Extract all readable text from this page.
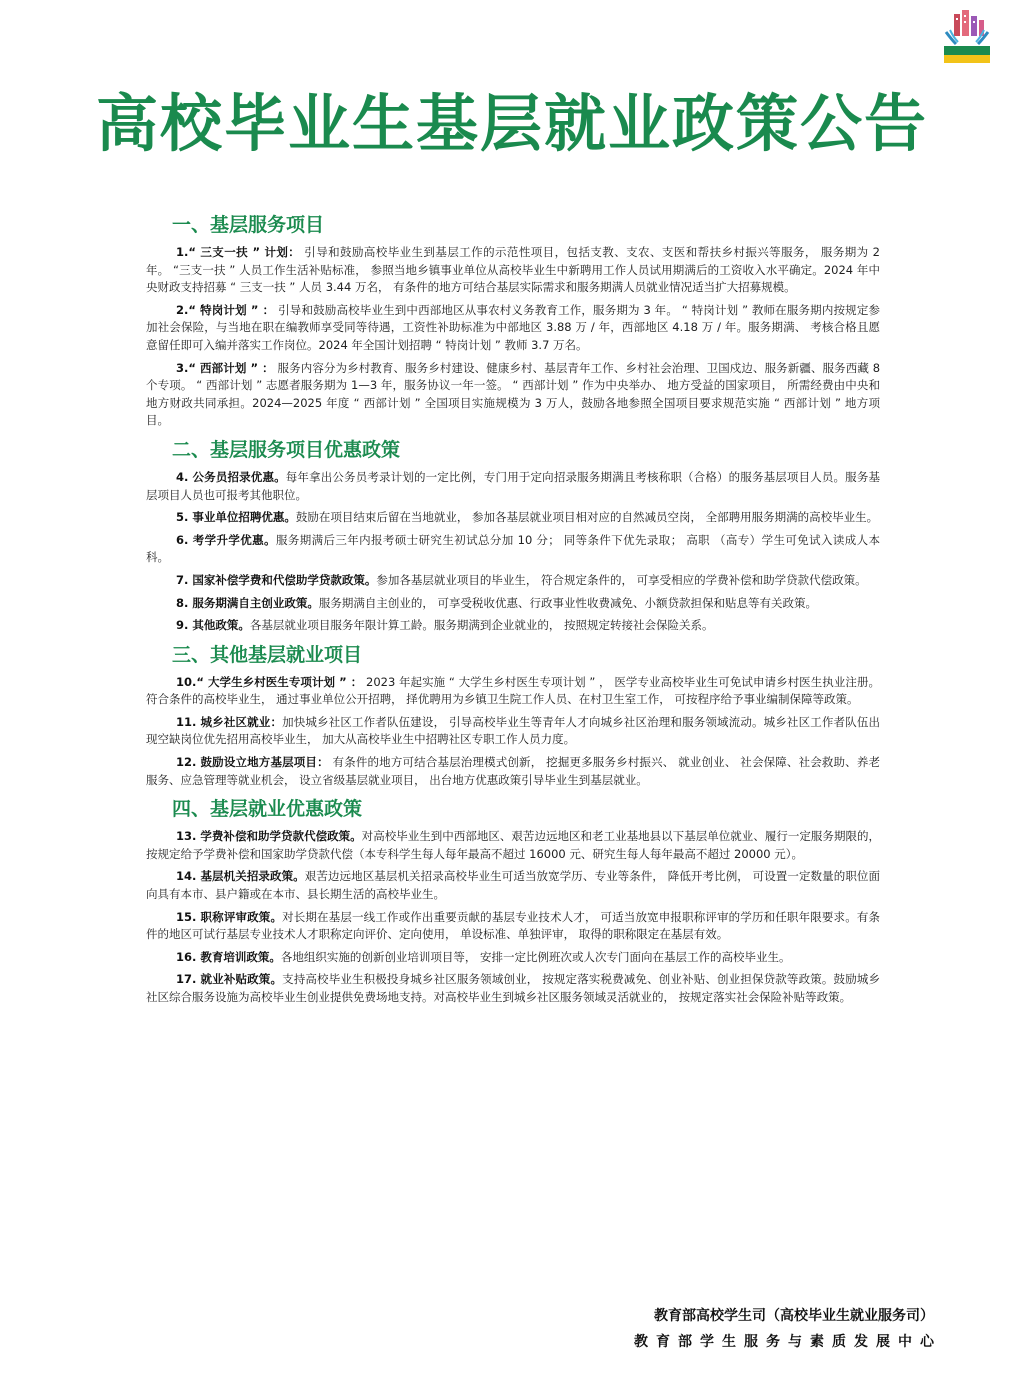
高校毕业生基层就业政策公告
一、基层服务项目

1.“ 三支一扶 ” 计划： 引导和鼓励高校毕业生到基层工作的示范性项目，包括支教、支农、支医和帮扶乡村振兴等服务， 服务期为 2 年。 “三支一扶 ” 人员工作生活补贴标准， 参照当地乡镇事业单位从高校毕业生中新聘用工作人员试用期满后的工资收入水平确定。2024 年中央财政支持招募 “ 三支一扶 ” 人员 3.44 万名， 有条件的地方可结合基层实际需求和服务期满人员就业情况适当扩大招募规模。

2.“ 特岗计划 ” ： 引导和鼓励高校毕业生到中西部地区从事农村义务教育工作，服务期为 3 年。 “ 特岗计划 ” 教师在服务期内按规定参加社会保险，与当地在职在编教师享受同等待遇，工资性补助标准为中部地区 3.88 万 / 年，西部地区 4.18 万 / 年。服务期满、 考核合格且愿意留任即可入编并落实工作岗位。2024 年全国计划招聘 “ 特岗计划 ” 教师 3.7 万名。

3.“ 西部计划 ” ： 服务内容分为乡村教育、服务乡村建设、健康乡村、基层青年工作、乡村社会治理、卫国戍边、服务新疆、服务西藏 8 个专项。 “ 西部计划 ” 志愿者服务期为 1—3 年，服务协议一年一签。 “ 西部计划 ” 作为中央举办、 地方受益的国家项目， 所需经费由中央和地方财政共同承担。2024—2025 年度 “ 西部计划 ” 全国项目实施规模为 3 万人，鼓励各地参照全国项目要求规范实施 “ 西部计划 ” 地方项目。

二、基层服务项目优惠政策

4. 公务员招录优惠。每年拿出公务员考录计划的一定比例，专门用于定向招录服务期满且考核称职（合格）的服务基层项目人员。服务基层项目人员也可报考其他职位。

5. 事业单位招聘优惠。鼓励在项目结束后留在当地就业， 参加各基层就业项目相对应的自然减员空岗， 全部聘用服务期满的高校毕业生。

6. 考学升学优惠。服务期满后三年内报考硕士研究生初试总分加 10 分； 同等条件下优先录取； 高职 （高专）学生可免试入读成人本科。

7. 国家补偿学费和代偿助学贷款政策。参加各基层就业项目的毕业生， 符合规定条件的， 可享受相应的学费补偿和助学贷款代偿政策。

8. 服务期满自主创业政策。服务期满自主创业的， 可享受税收优惠、行政事业性收费减免、小额贷款担保和贴息等有关政策。

9. 其他政策。各基层就业项目服务年限计算工龄。服务期满到企业就业的， 按照规定转接社会保险关系。

三、其他基层就业项目

10.“ 大学生乡村医生专项计划 ” ： 2023 年起实施 “ 大学生乡村医生专项计划 ” ， 医学专业高校毕业生可免试申请乡村医生执业注册。符合条件的高校毕业生， 通过事业单位公开招聘， 择优聘用为乡镇卫生院工作人员、在村卫生室工作， 可按程序给予事业编制保障等政策。

11. 城乡社区就业：加快城乡社区工作者队伍建设， 引导高校毕业生等青年人才向城乡社区治理和服务领域流动。城乡社区工作者队伍出现空缺岗位优先招用高校毕业生， 加大从高校毕业生中招聘社区专职工作人员力度。

12. 鼓励设立地方基层项目： 有条件的地方可结合基层治理模式创新， 挖掘更多服务乡村振兴、 就业创业、 社会保障、社会救助、养老服务、应急管理等就业机会， 设立省级基层就业项目， 出台地方优惠政策引导毕业生到基层就业。

四、基层就业优惠政策

13. 学费补偿和助学贷款代偿政策。对高校毕业生到中西部地区、艰苦边远地区和老工业基地县以下基层单位就业、履行一定服务期限的， 按规定给予学费补偿和国家助学贷款代偿（本专科学生每人每年最高不超过 16000 元、研究生每人每年最高不超过 20000 元）。

14. 基层机关招录政策。艰苦边远地区基层机关招录高校毕业生可适当放宽学历、专业等条件， 降低开考比例， 可设置一定数量的职位面向具有本市、县户籍或在本市、县长期生活的高校毕业生。

15. 职称评审政策。对长期在基层一线工作或作出重要贡献的基层专业技术人才， 可适当放宽申报职称评审的学历和任职年限要求。有条件的地区可试行基层专业技术人才职称定向评价、定向使用， 单设标准、单独评审， 取得的职称限定在基层有效。

16. 教育培训政策。各地组织实施的创新创业培训项目等， 安排一定比例班次或人次专门面向在基层工作的高校毕业生。

17. 就业补贴政策。支持高校毕业生积极投身城乡社区服务领域创业， 按规定落实税费减免、创业补贴、创业担保贷款等政策。鼓励城乡社区综合服务设施为高校毕业生创业提供免费场地支持。对高校毕业生到城乡社区服务领域灵活就业的， 按规定落实社会保险补贴等政策。

教育部高校学生司（高校毕业生就业服务司）
教育部学生服务与素质发展中心
